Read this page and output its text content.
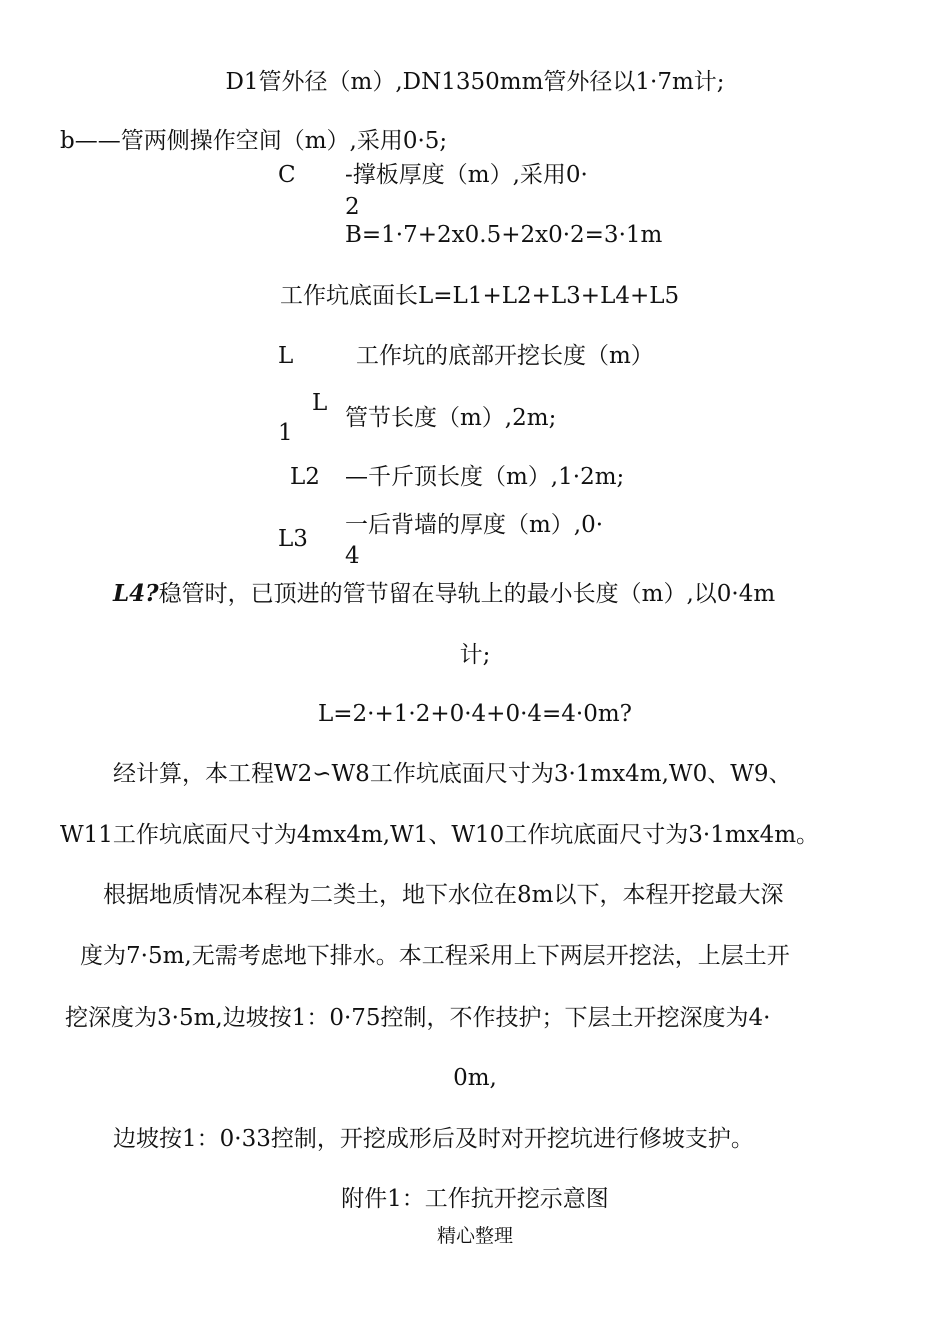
D1管外径（m）,DN1350mm管外径以1·7m计;
b——管两侧操作空间（m）,采用0·5;
C -撑板厚度（m）,采用0·
2
B=1·7+2x0.5+2x0·2=3·1m
工作坑底面长L=L1+L2+L3+L4+L5
L	工作坑的底部开挖长度（m）
L
1
管节长度（m）,2m;
L2 —千斤顶长度（m）,1·2m;
L3
一后背墙的厚度（m）,0·
4
L4?稳管时，已顶进的管节留在导轨上的最小长度（m）,以0·4m
计;
L=2·+1·2+0·4+0·4=4·0m?
经计算，本工程W2∽W8工作坑底面尺寸为3·1mx4m,W0、W9、
W11工作坑底面尺寸为4mx4m,W1、W10工作坑底面尺寸为3·1mx4m。
根据地质情况本程为二类土，地下水位在8m以下，本程开挖最大深
度为7·5m,无需考虑地下排水。本工程采用上下两层开挖法，上层土开
挖深度为3·5m,边坡按1：0·75控制，不作技护；下层土开挖深度为4·
0m,
边坡按1：0·33控制，开挖成形后及时对开挖坑进行修坡支护。
附件1：工作抗开挖示意图
精心整理
